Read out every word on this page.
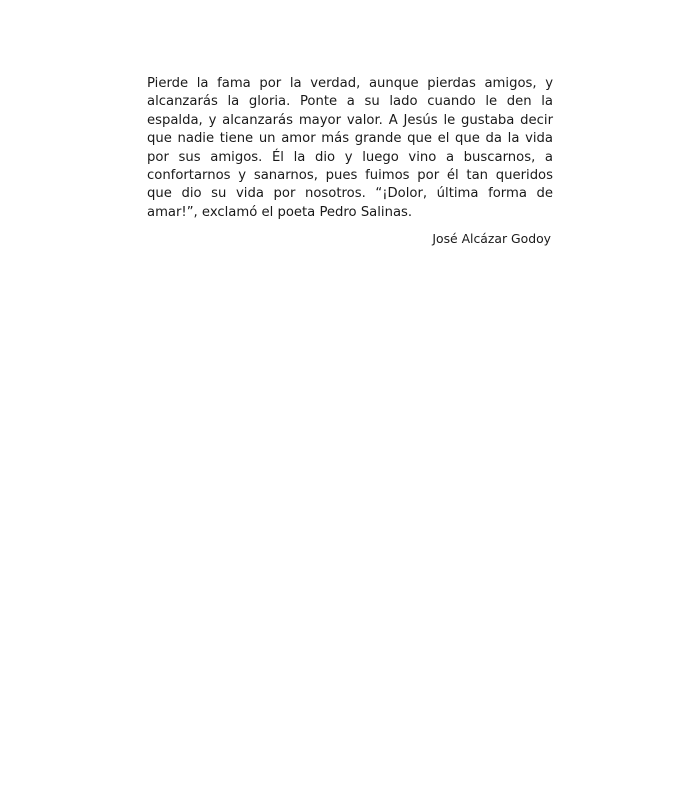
Pierde la fama por la verdad, aunque pierdas amigos, y alcanzarás la gloria. Ponte a su lado cuando le den la espalda, y alcanzarás mayor valor. A Jesús le gustaba decir que nadie tiene un amor más grande que el que da la vida por sus amigos. Él la dio y luego vino a buscarnos, a confortarnos y sanarnos, pues fuimos por él tan queridos que dio su vida por nosotros. “¡Dolor, última forma de amar!”, exclamó el poeta Pedro Salinas.

José Alcázar Godoy
